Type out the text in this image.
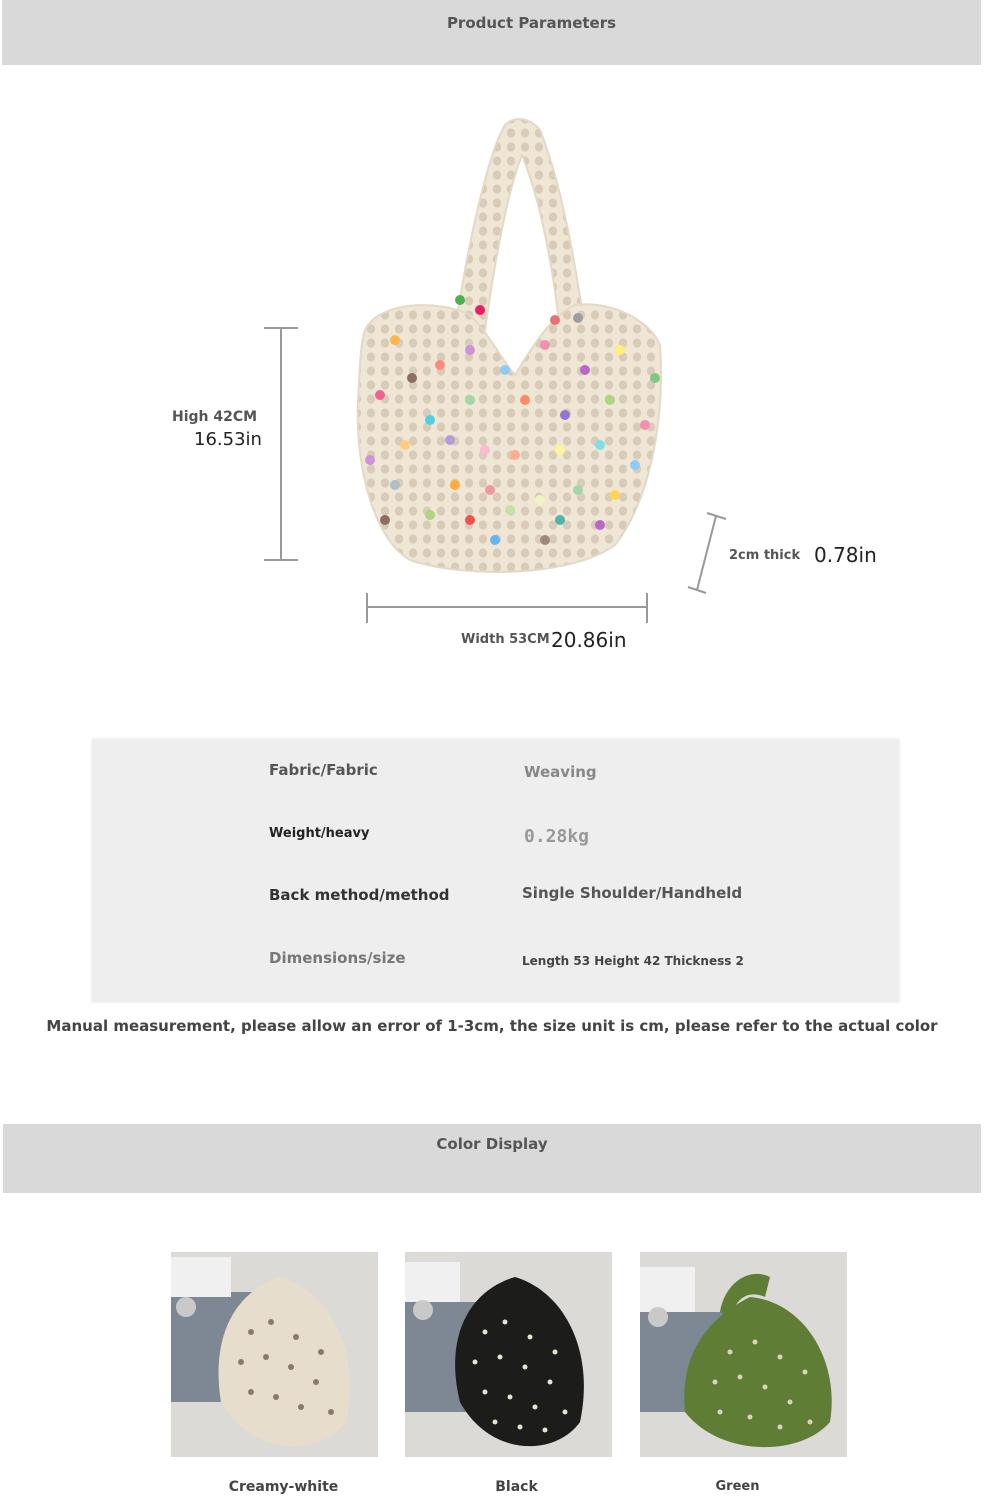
Product Parameters
High 42CM
16.53in
2cm thick 0.78in
Width 53CM 20.86in
Fabric/Fabric	Weaving
Weight/heavy	0.28kg
Back method/method	Single Shoulder/Handheld
Dimensions/size	Length 53 Height 42 Thickness 2
Manual measurement, please allow an error of 1-3cm, the size unit is cm, please refer to the actual color
Color Display
Creamy-white	Black	Green
